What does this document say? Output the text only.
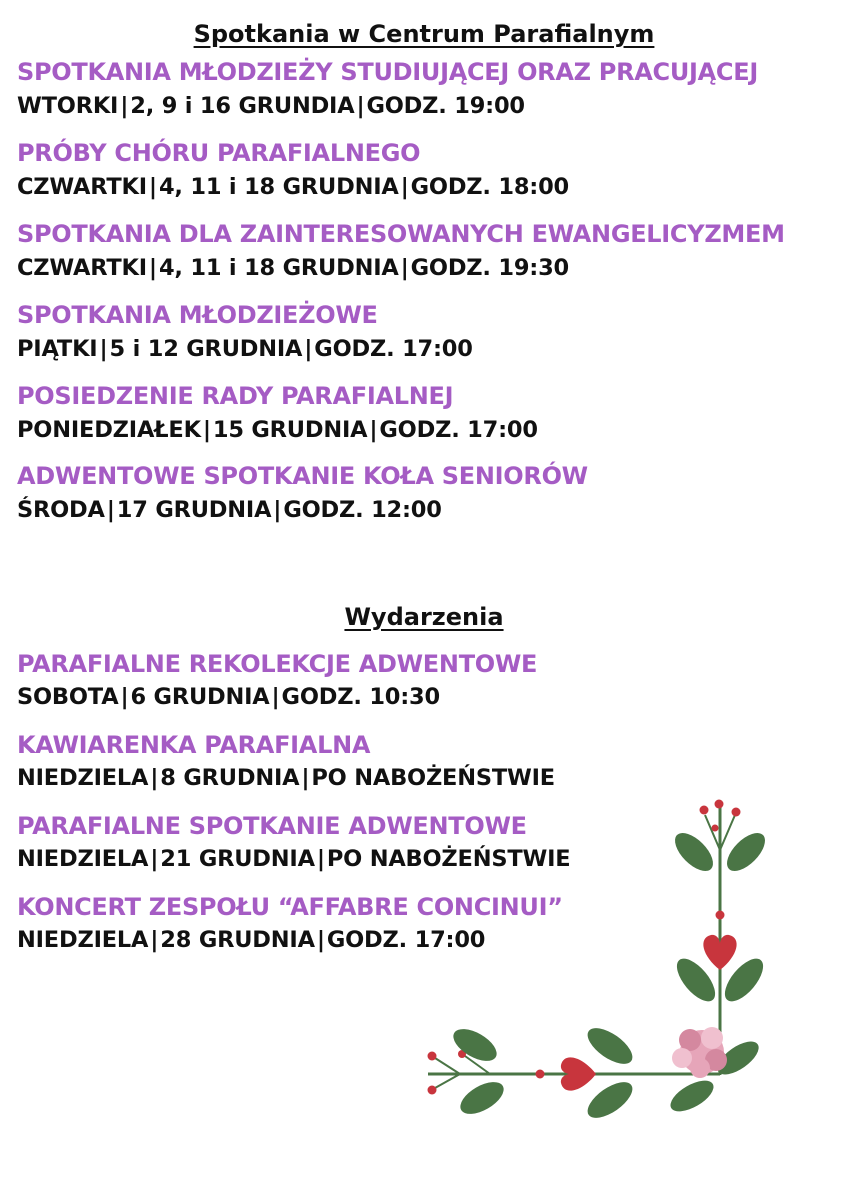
Spotkania w Centrum Parafialnym
SPOTKANIA MŁODZIEŻY STUDIUJĄCEJ ORAZ PRACUJĄCEJ
WTORKI|2, 9 i 16 GRUNDIA|GODZ. 19:00
PRÓBY CHÓRU PARAFIALNEGO
CZWARTKI|4, 11 i 18 GRUDNIA|GODZ. 18:00
SPOTKANIA DLA ZAINTERESOWANYCH EWANGELICYZMEM
CZWARTKI|4, 11 i 18 GRUDNIA|GODZ. 19:30
SPOTKANIA MŁODZIEŻOWE
PIĄTKI|5 i 12 GRUDNIA|GODZ. 17:00
POSIEDZENIE RADY PARAFIALNEJ
PONIEDZIAŁEK|15 GRUDNIA|GODZ. 17:00
ADWENTOWE SPOTKANIE KOŁA SENIORÓW
ŚRODA|17 GRUDNIA|GODZ. 12:00
Wydarzenia
PARAFIALNE REKOLEKCJE ADWENTOWE
SOBOTA|6 GRUDNIA|GODZ. 10:30
KAWIARENKA PARAFIALNA
NIEDZIELA|8 GRUDNIA|PO NABOŻEŃSTWIE
PARAFIALNE SPOTKANIE ADWENTOWE
NIEDZIELA|21 GRUDNIA|PO NABOŻEŃSTWIE
KONCERT ZESPOŁU “AFFABRE CONCINUI”
NIEDZIELA|28 GRUDNIA|GODZ. 17:00
